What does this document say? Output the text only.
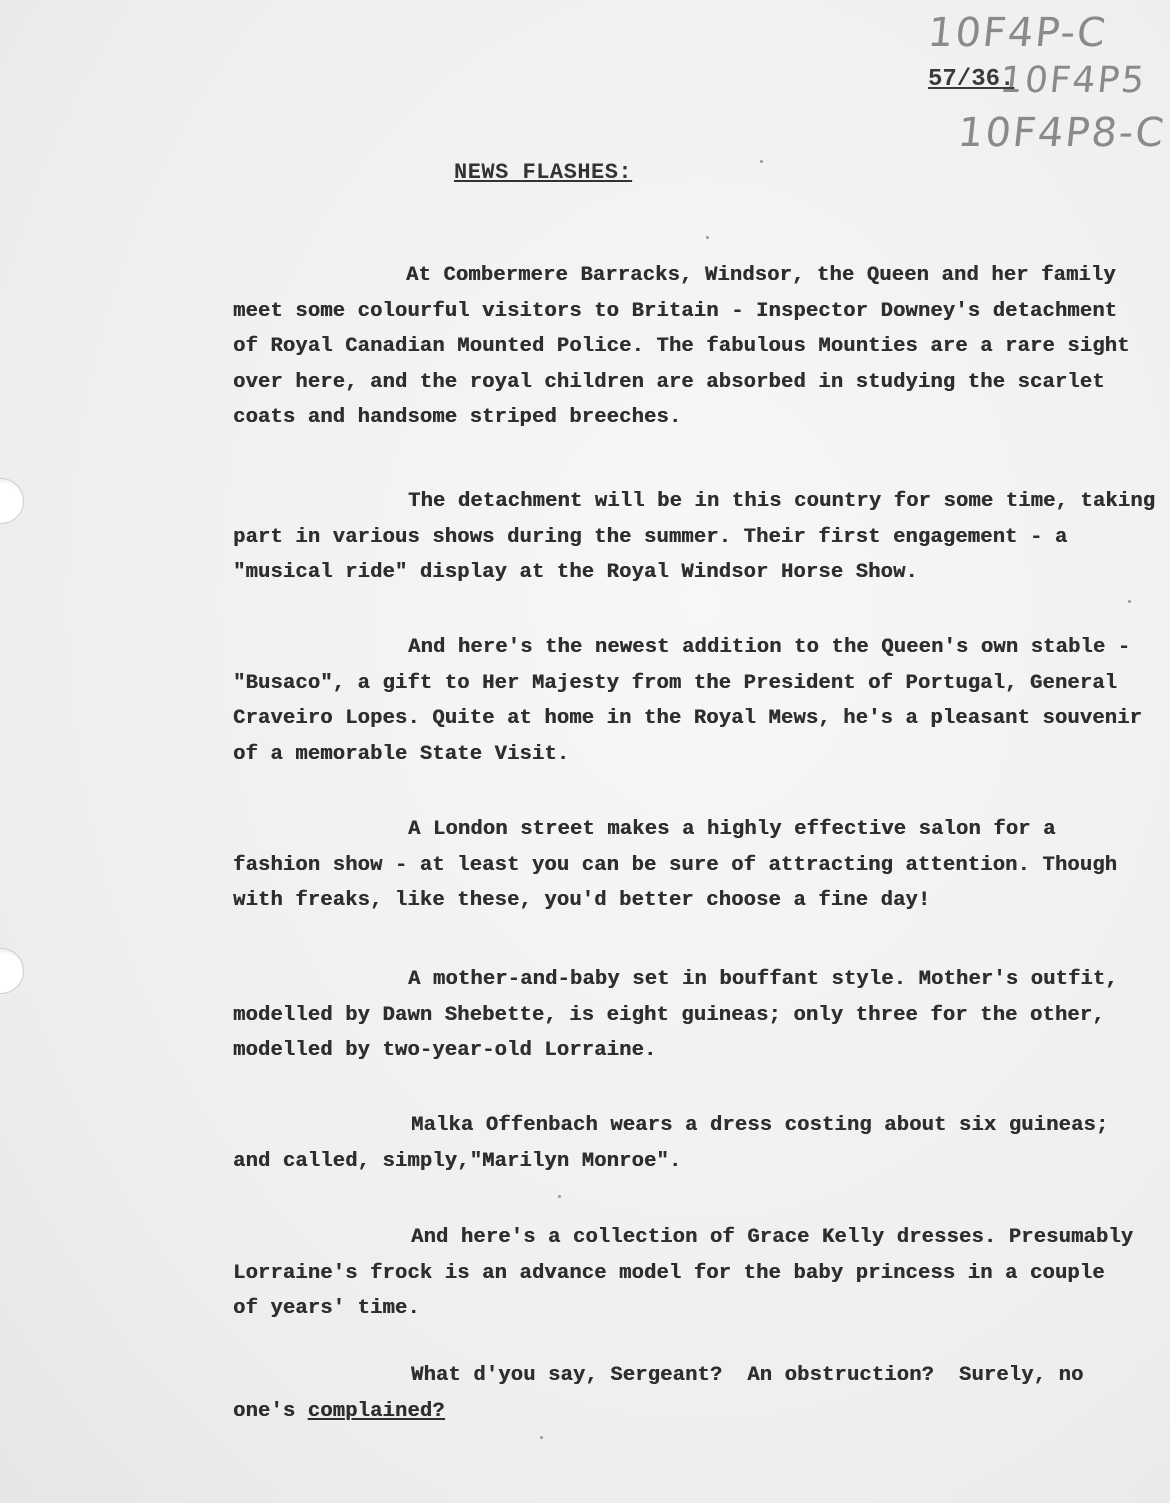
10F4P-C
10F4P5
10F4P8-C
57/36.
NEWS FLASHES:
At Combermere Barracks, Windsor, the Queen and her family
meet some colourful visitors to Britain - Inspector Downey's detachment
of Royal Canadian Mounted Police. The fabulous Mounties are a rare sight
over here, and the royal children are absorbed in studying the scarlet
coats and handsome striped breeches.
The detachment will be in this country for some time, taking
part in various shows during the summer. Their first engagement - a
"musical ride" display at the Royal Windsor Horse Show.
And here's the newest addition to the Queen's own stable -
"Busaco", a gift to Her Majesty from the President of Portugal, General
Craveiro Lopes. Quite at home in the Royal Mews, he's a pleasant souvenir
of a memorable State Visit.
A London street makes a highly effective salon for a
fashion show - at least you can be sure of attracting attention. Though
with freaks, like these, you'd better choose a fine day!
A mother-and-baby set in bouffant style. Mother's outfit,
modelled by Dawn Shebette, is eight guineas; only three for the other,
modelled by two-year-old Lorraine.
Malka Offenbach wears a dress costing about six guineas;
and called, simply,"Marilyn Monroe".
And here's a collection of Grace Kelly dresses. Presumably
Lorraine's frock is an advance model for the baby princess in a couple
of years' time.
What d'you say, Sergeant?  An obstruction?  Surely, no
one's complained?
